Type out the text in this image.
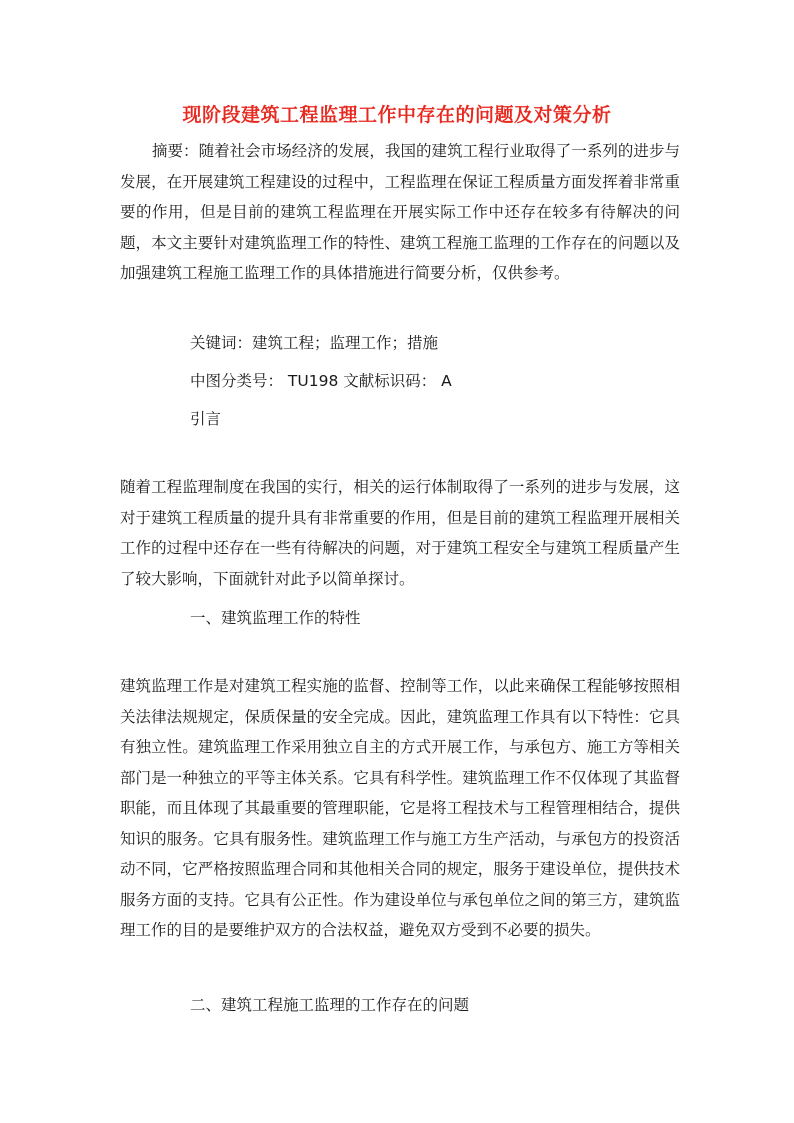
现阶段建筑工程监理工作中存在的问题及对策分析

摘要：随着社会市场经济的发展，我国的建筑工程行业取得了一系列的进步与发展，在开展建筑工程建设的过程中，工程监理在保证工程质量方面发挥着非常重要的作用，但是目前的建筑工程监理在开展实际工作中还存在较多有待解决的问题，本文主要针对建筑监理工作的特性、建筑工程施工监理的工作存在的问题以及加强建筑工程施工监理工作的具体措施进行简要分析，仅供参考。

关键词：建筑工程；监理工作；措施

中图分类号： TU198 文献标识码： A

引言

随着工程监理制度在我国的实行，相关的运行体制取得了一系列的进步与发展，这对于建筑工程质量的提升具有非常重要的作用，但是目前的建筑工程监理开展相关工作的过程中还存在一些有待解决的问题，对于建筑工程安全与建筑工程质量产生了较大影响，下面就针对此予以简单探讨。

一、建筑监理工作的特性

建筑监理工作是对建筑工程实施的监督、控制等工作，以此来确保工程能够按照相关法律法规规定，保质保量的安全完成。因此，建筑监理工作具有以下特性：它具有独立性。建筑监理工作采用独立自主的方式开展工作，与承包方、施工方等相关部门是一种独立的平等主体关系。它具有科学性。建筑监理工作不仅体现了其监督职能，而且体现了其最重要的管理职能，它是将工程技术与工程管理相结合，提供知识的服务。它具有服务性。建筑监理工作与施工方生产活动，与承包方的投资活动不同，它严格按照监理合同和其他相关合同的规定，服务于建设单位，提供技术服务方面的支持。它具有公正性。作为建设单位与承包单位之间的第三方，建筑监理工作的目的是要维护双方的合法权益，避免双方受到不必要的损失。

二、建筑工程施工监理的工作存在的问题
